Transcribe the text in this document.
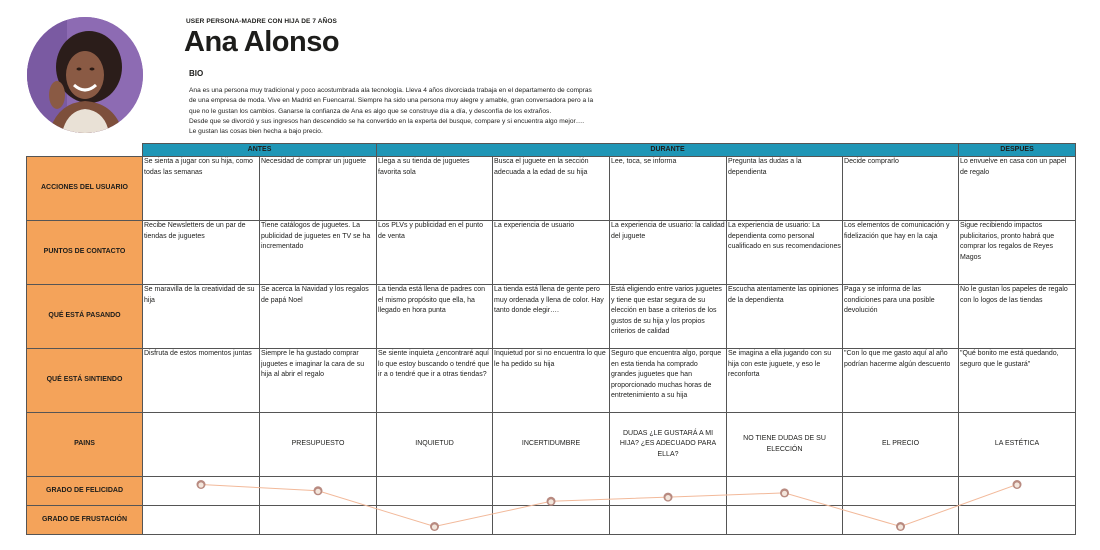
USER PERSONA-MADRE CON HIJA DE 7 AÑOS
Ana Alonso
BIO
Ana es una persona muy tradicional y poco acostumbrada ala tecnología. Lleva 4 años divorciada trabaja en el departamento de compras
de una empresa de moda. Vive en Madrid en Fuencarral. Siempre ha sido una persona muy alegre y amable, gran conversadora pero a la
que no le gustan los cambios. Ganarse la confianza de Ana es algo que se construye día a día, y desconfía de los extraños.
Desde que se divorció y sus ingresos han descendido se ha convertido en la experta del busque, compare y si encuentra algo mejor….
Le gustan las cosas bien hecha a bajo precio.
	ANTES		DURANTE					DESPUES
ACCIONES DEL USUARIO	Se sienta a jugar con su hija, como todas las semanas	Necesidad de comprar un juguete	Llega a su tienda de juguetes favorita sola	Busca el juguete en la sección adecuada a la edad de su hija	Lee, toca, se informa	Pregunta las dudas a la dependienta	Decide comprarlo	Lo envuelve en casa con un papel de regalo

PUNTOS DE CONTACTO	Recibe Newsletters de un par de tiendas de juguetes	Tiene catálogos de juguetes. La publicidad de juguetes en TV se ha incrementado	Los PLVs y publicidad en el punto de venta	La experiencia de usuario	La experiencia de usuario: la calidad del juguete	La experiencia de usuario: La dependienta como personal cualificado en sus recomendaciones	Los elementos de comunicación y fidelización que hay en la caja	Sigue recibiendo impactos publicitarios, pronto habrá que comprar los regalos de Reyes Magos

QUÉ ESTÁ PASANDO	Se maravilla de la creatividad de su hija	Se acerca la Navidad y los regalos de papá Noel	La tienda está llena de padres con el mismo propósito que ella, ha llegado en hora punta	La tienda está llena de gente pero muy ordenada y llena de color. Hay tanto donde elegir….	Está eligiendo entre varios juguetes y tiene que estar segura de su elección en base a criterios de los gustos de su hija y los propios criterios de calidad	Escucha atentamente las opiniones de la dependienta	Paga y se informa de las condiciones para una posible devolución	No le gustan los papeles de regalo con lo logos de las tiendas

QUÉ ESTÁ SINTIENDO	Disfruta de estos momentos juntas	Siempre le ha gustado comprar juguetes e imaginar la cara de su hija al abrir el regalo	Se siente inquieta ¿encontraré aquí lo que estoy buscando o tendré que ir a o tendré que ir a otras tiendas?	Inquietud por si no encuentra lo que le ha pedido su hija	Seguro que encuentra algo, porque en esta tienda ha comprado grandes juguetes que han proporcionado muchas horas de entretenimiento a su hija	Se imagina a ella jugando con su hija con este juguete, y eso le reconforta	"Con lo que me gasto aquí al año podrían hacerme algún descuento	"Qué bonito me está quedando, seguro que le gustará"

PAINS		PRESUPUESTO	INQUIETUD	INCERTIDUMBRE	DUDAS ¿LE GUSTARÁ A MI HIJA? ¿ES ADECUADO PARA ELLA?	NO TIENE DUDAS DE SU ELECCIÓN	EL PRECIO	LA ESTÉTICA
GRADO DE FELICIDAD								
GRADO DE FRUSTACIÓN								
